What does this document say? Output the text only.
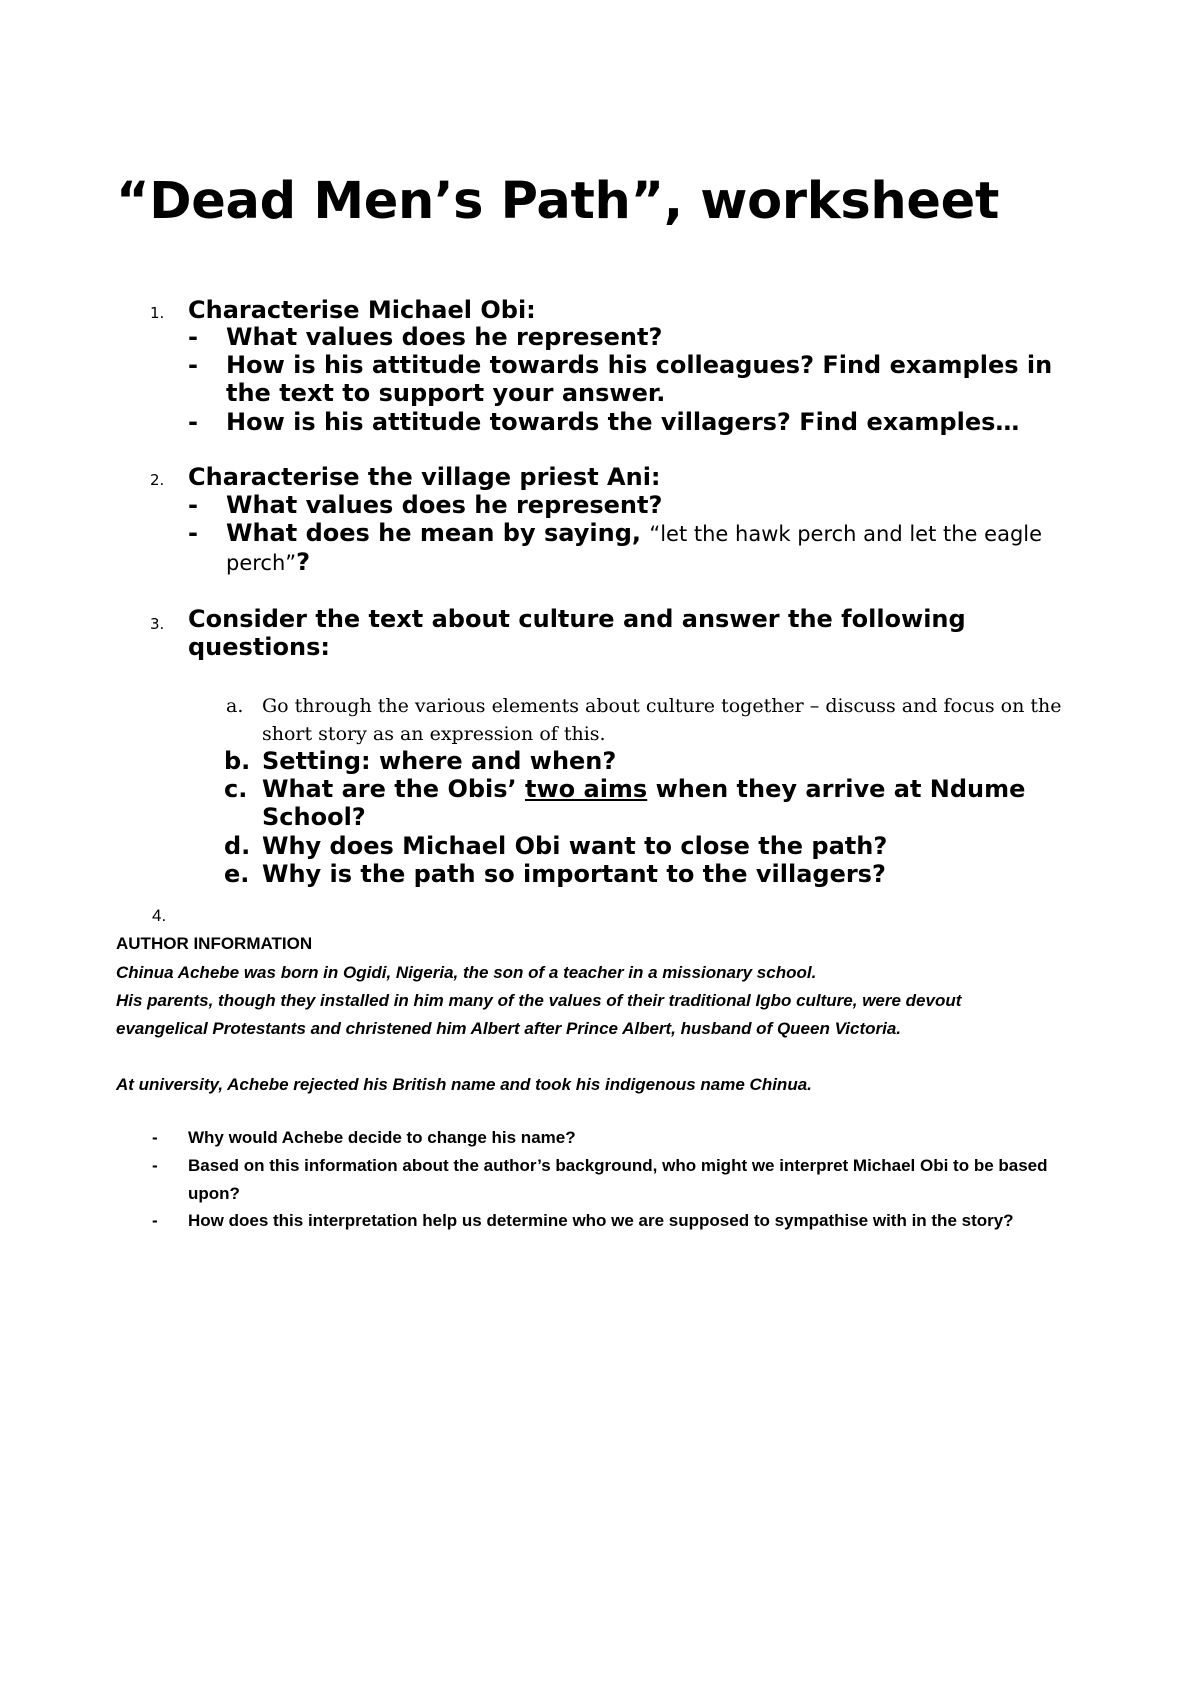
“Dead Men’s Path”, worksheet
1. Characterise Michael Obi:
- What values does he represent?
- How is his attitude towards his colleagues? Find examples in the text to support your answer.
- How is his attitude towards the villagers? Find examples…
2. Characterise the village priest Ani:
- What values does he represent?
- What does he mean by saying, “let the hawk perch and let the eagle perch”?
3. Consider the text about culture and answer the following questions:
a. Go through the various elements about culture together – discuss and focus on the short story as an expression of this.
b. Setting: where and when?
c. What are the Obis’ two aims when they arrive at Ndume School?
d. Why does Michael Obi want to close the path?
e. Why is the path so important to the villagers?
4.
AUTHOR INFORMATION
Chinua Achebe was born in Ogidi, Nigeria, the son of a teacher in a missionary school.
His parents, though they installed in him many of the values of their traditional Igbo culture, were devout evangelical Protestants and christened him Albert after Prince Albert, husband of Queen Victoria.
At university, Achebe rejected his British name and took his indigenous name Chinua.
- Why would Achebe decide to change his name?
- Based on this information about the author’s background, who might we interpret Michael Obi to be based upon?
- How does this interpretation help us determine who we are supposed to sympathise with in the story?
